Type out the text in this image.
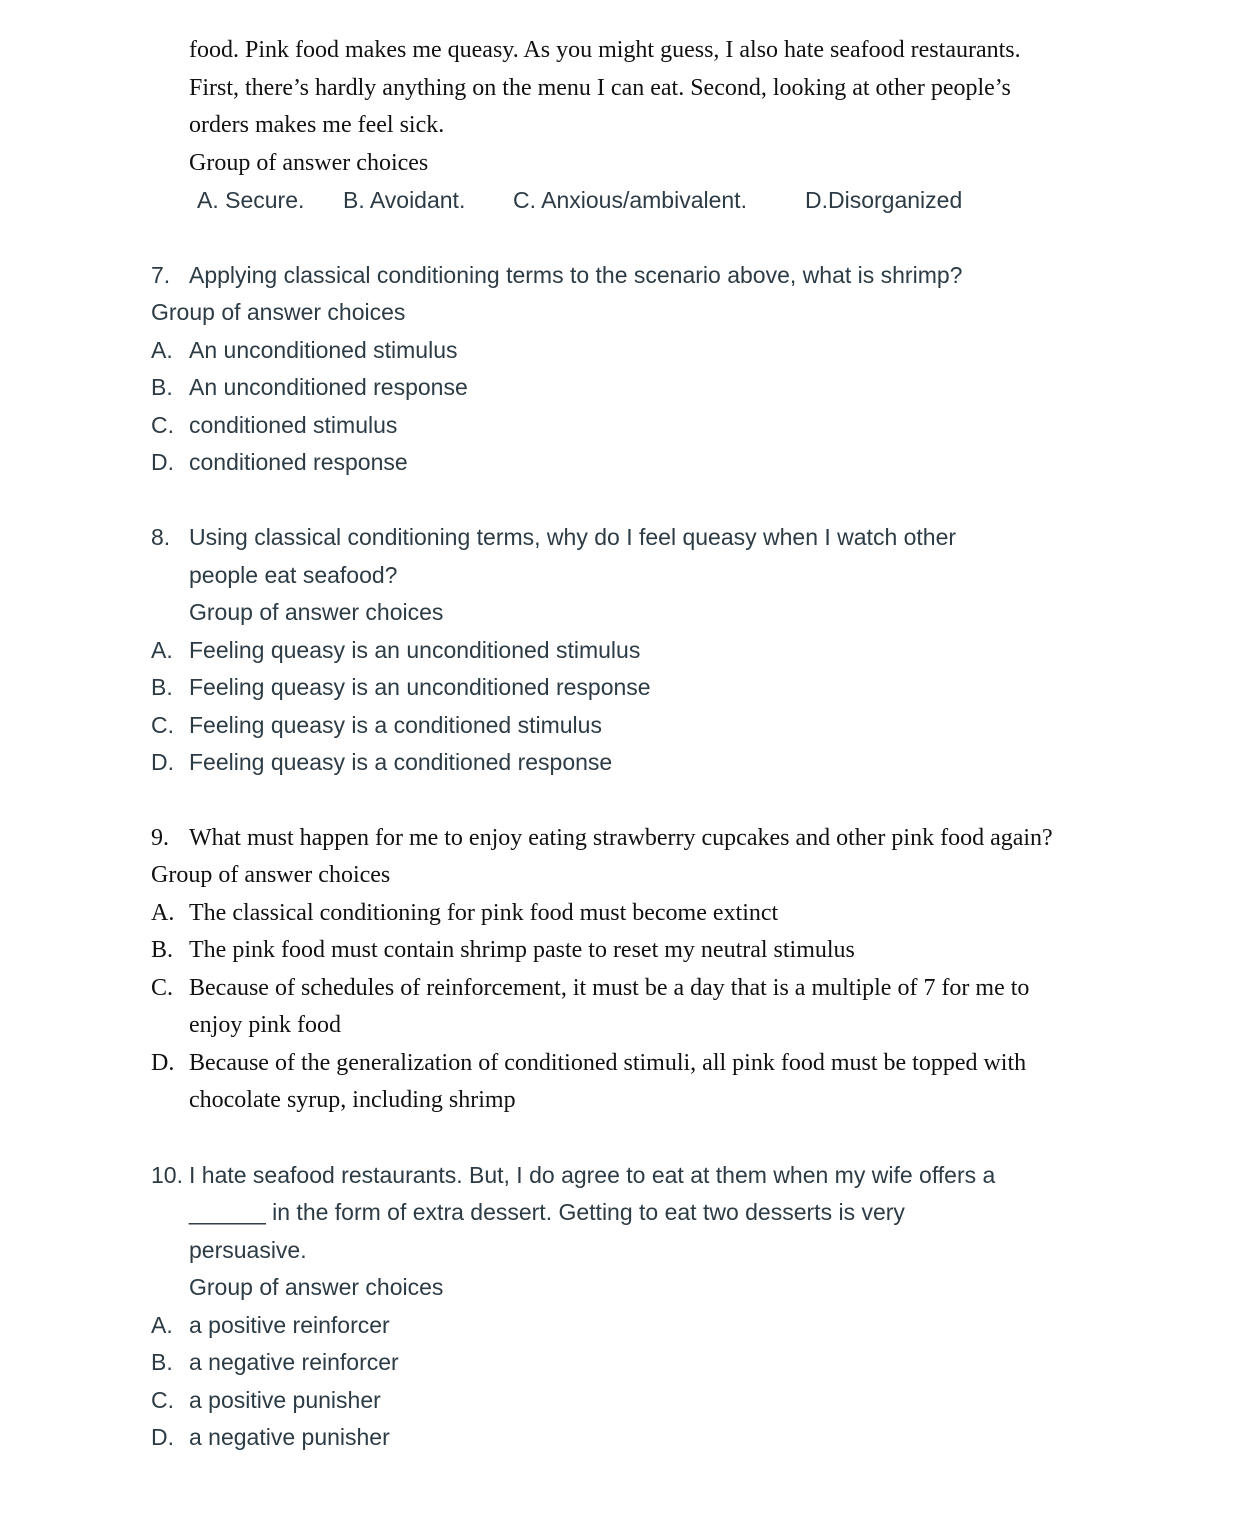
food. Pink food makes me queasy. As you might guess, I also hate seafood restaurants.
First, there’s hardly anything on the menu I can eat. Second, looking at other people’s
orders makes me feel sick.
Group of answer choices
A. Secure. B. Avoidant. C. Anxious/ambivalent.	D.Disorganized
7. Applying classical conditioning terms to the scenario above, what is shrimp?
Group of answer choices
A. An unconditioned stimulus
B. An unconditioned response
C. conditioned stimulus
D. conditioned response
8. Using classical conditioning terms, why do I feel queasy when I watch other
people eat seafood?
Group of answer choices
A. Feeling queasy is an unconditioned stimulus
B. Feeling queasy is an unconditioned response
C. Feeling queasy is a conditioned stimulus
D. Feeling queasy is a conditioned response
9. What must happen for me to enjoy eating strawberry cupcakes and other pink food again?
Group of answer choices
A. The classical conditioning for pink food must become extinct
B. The pink food must contain shrimp paste to reset my neutral stimulus
C. Because of schedules of reinforcement, it must be a day that is a multiple of 7 for me to
enjoy pink food
D. Because of the generalization of conditioned stimuli, all pink food must be topped with
chocolate syrup, including shrimp
10. I hate seafood restaurants. But, I do agree to eat at them when my wife offers a
______ in the form of extra dessert. Getting to eat two desserts is very
persuasive.
Group of answer choices
A. a positive reinforcer
B. a negative reinforcer
C. a positive punisher
D. a negative punisher
